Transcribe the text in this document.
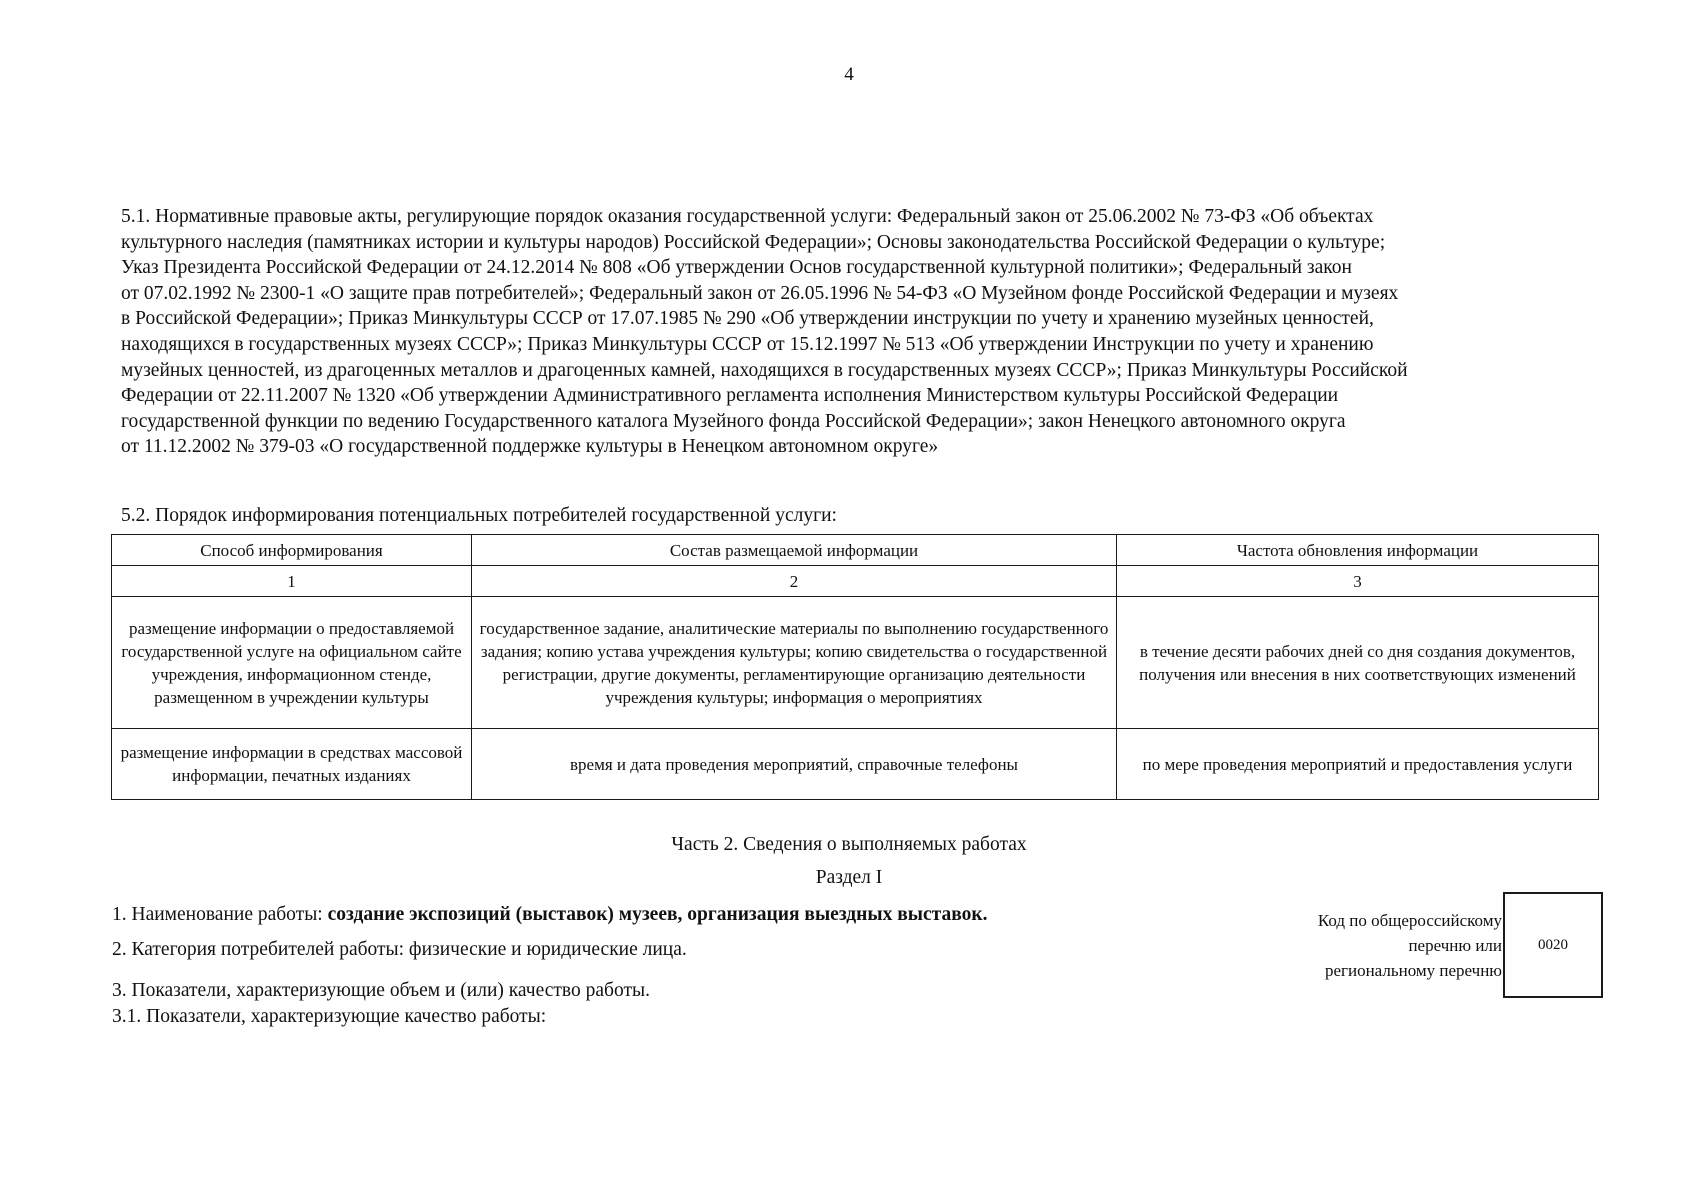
4

5.1. Нормативные правовые акты, регулирующие порядок оказания государственной услуги: Федеральный закон от 25.06.2002 № 73-ФЗ «Об объектах
культурного наследия (памятниках истории и культуры народов) Российской Федерации»; Основы законодательства Российской Федерации о культуре;
Указ Президента Российской Федерации от 24.12.2014 № 808 «Об утверждении Основ государственной культурной политики»; Федеральный закон
от 07.02.1992 № 2300-1 «О защите прав потребителей»; Федеральный закон от 26.05.1996 № 54-ФЗ «О Музейном фонде Российской Федерации и музеях
в Российской Федерации»; Приказ Минкультуры СССР от 17.07.1985 № 290 «Об утверждении инструкции по учету и хранению музейных ценностей,
находящихся в государственных музеях СССР»; Приказ Минкультуры СССР от 15.12.1997 № 513 «Об утверждении Инструкции по учету и хранению
музейных ценностей, из драгоценных металлов и драгоценных камней, находящихся в государственных музеях СССР»; Приказ Минкультуры Российской
Федерации от 22.11.2007 № 1320 «Об утверждении Административного регламента исполнения Министерством культуры Российской Федерации
государственной функции по ведению Государственного каталога Музейного фонда Российской Федерации»; закон Ненецкого автономного округа
от 11.12.2002 № 379-03 «О государственной поддержке культуры в Ненецком автономном округе»

5.2. Порядок информирования потенциальных потребителей государственной услуги:

Способ информирования	Состав размещаемой информации	Частота обновления информации
1	2	3
размещение информации о предоставляемой государственной услуге на официальном сайте учреждения, информационном стенде, размещенном в учреждении культуры	государственное задание, аналитические материалы по выполнению государственного задания; копию устава учреждения культуры; копию свидетельства о государственной регистрации, другие документы, регламентирующие организацию деятельности учреждения культуры; информация о мероприятиях	в течение десяти рабочих дней со дня создания документов, получения или внесения в них соответствующих изменений
размещение информации в средствах массовой информации, печатных изданиях	время и дата проведения мероприятий, справочные телефоны	по мере проведения мероприятий и предоставления услуги

Часть 2. Сведения о выполняемых работах

Раздел I

1. Наименование работы: создание экспозиций (выставок) музеев, организация выездных выставок.

2. Категория потребителей работы: физические и юридические лица.

3. Показатели, характеризующие объем и (или) качество работы.

3.1. Показатели, характеризующие качество работы:

Код по общероссийскому
перечню или
региональному перечню
0020
